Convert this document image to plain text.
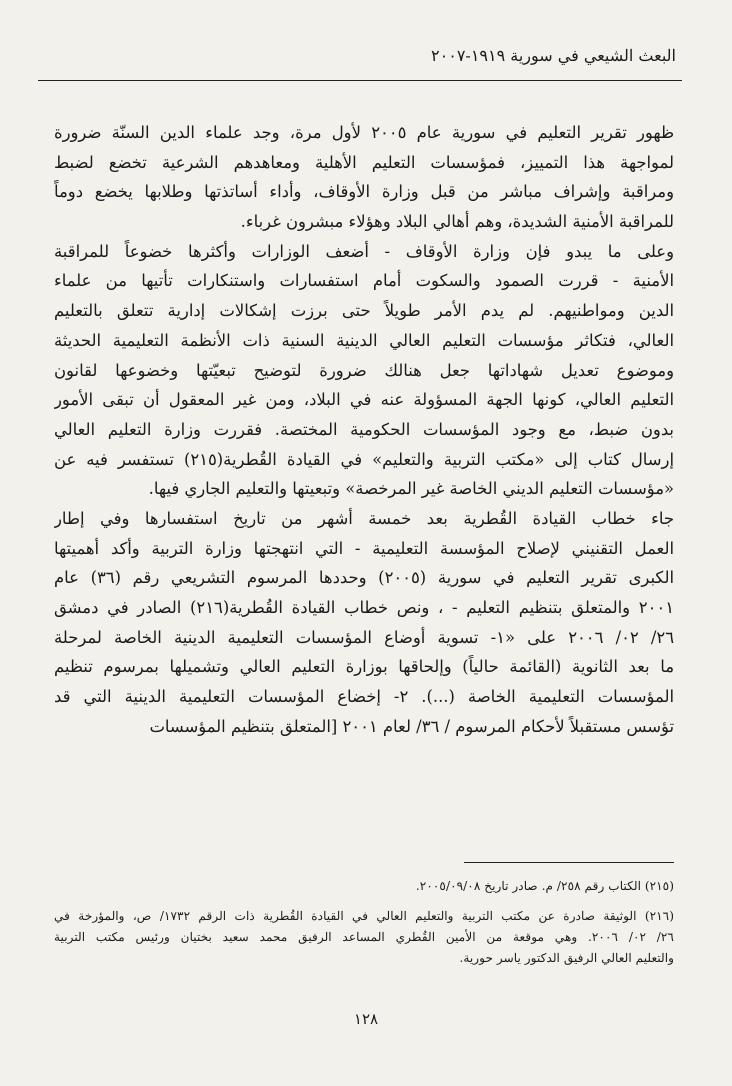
البعث الشيعي في سورية ١٩١٩-٢٠٠٧
ظهور تقرير التعليم في سورية عام ٢٠٠٥ لأول مرة، وجد علماء الدين السنّة ضرورة
لمواجهة هذا التمييز، فمؤسسات التعليم الأهلية ومعاهدهم الشرعية تخضع لضبط
ومراقبة وإشراف مباشر من قبل وزارة الأوقاف، وأداء أساتذتها وطلابها يخضع دوماً
للمراقبة الأمنية الشديدة، وهم أهالي البلاد وهؤلاء مبشرون غرباء.
وعلى ما يبدو فإن وزارة الأوقاف - أضعف الوزارات وأكثرها خضوعاً للمراقبة
الأمنية - قررت الصمود والسكوت أمام استفسارات واستنكارات تأتيها من علماء
الدين ومواطنيهم. لم يدم الأمر طويلاً حتى برزت إشكالات إدارية تتعلق بالتعليم
العالي، فتكاثر مؤسسات التعليم العالي الدينية السنية ذات الأنظمة التعليمية الحديثة
وموضوع تعديل شهاداتها جعل هنالك ضرورة لتوضيح تبعيّتها وخضوعها لقانون
التعليم العالي، كونها الجهة المسؤولة عنه في البلاد، ومن غير المعقول أن تبقى الأمور
بدون ضبط، مع وجود المؤسسات الحكومية المختصة. فقررت وزارة التعليم العالي
إرسال كتاب إلى «مكتب التربية والتعليم» في القيادة القُطرية(٢١٥) تستفسر فيه عن
«مؤسسات التعليم الديني الخاصة غير المرخصة» وتبعيتها والتعليم الجاري فيها.
جاء خطاب القيادة القُطرية بعد خمسة أشهر من تاريخ استفسارها وفي إطار
العمل التقنيني لإصلاح المؤسسة التعليمية - التي انتهجتها وزارة التربية وأكد أهميتها
الكبرى تقرير التعليم في سورية (٢٠٠٥) وحددها المرسوم التشريعي رقم (٣٦) عام
٢٠٠١ والمتعلق بتنظيم التعليم - ، ونص خطاب القيادة القُطرية(٢١٦) الصادر في دمشق
٢٦/ ٠٢/ ٢٠٠٦ على «١- تسوية أوضاع المؤسسات التعليمية الدينية الخاصة لمرحلة
ما بعد الثانوية (القائمة حالياً) وإلحاقها بوزارة التعليم العالي وتشميلها بمرسوم تنظيم
المؤسسات التعليمية الخاصة (...). ٢- إخضاع المؤسسات التعليمية الدينية التي قد
تؤسس مستقبلاً لأحكام المرسوم / ٣٦/ لعام ٢٠٠١ [المتعلق بتنظيم المؤسسات
(٢١٥) الكتاب رقم ٢٥٨/ م. صادر تاريخ ٢٠٠٥/٠٩/٠٨.
(٢١٦) الوثيقة صادرة عن مكتب التربية والتعليم العالي في القيادة القُطرية ذات الرقم ١٧٣٢/ ص، والمؤرخة في
٢٦/ ٠٢/ ٢٠٠٦. وهي موقعة من الأمين القُطري المساعد الرفيق محمد سعيد بختيان ورئيس مكتب التربية
والتعليم العالي الرفيق الدكتور ياسر حورية.
١٢٨
